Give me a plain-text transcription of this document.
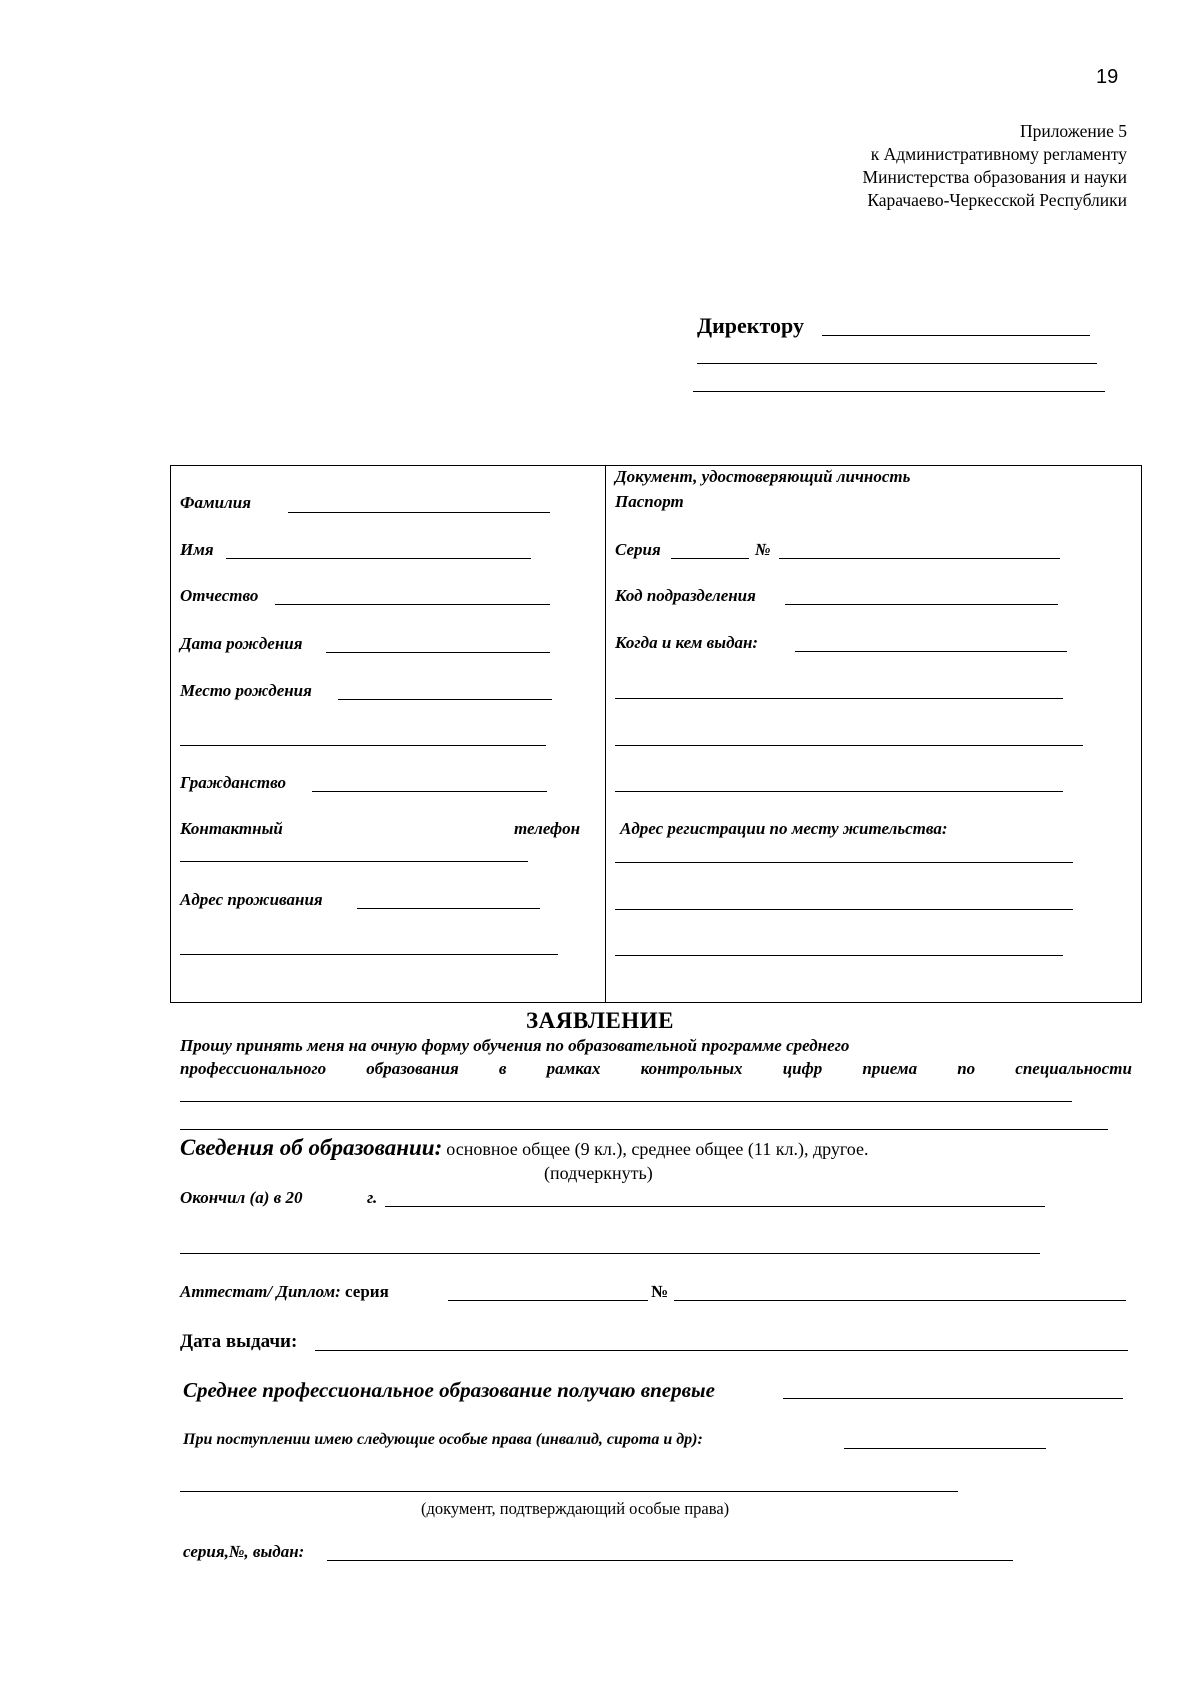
19
Приложение 5
к Административному регламенту
Министерства образования и науки
Карачаево-Черкесской Республики
Директору
Фамилия
Имя
Отчество
Дата рождения
Место рождения
Гражданство
Контактный	телефон
Адрес проживания
Документ, удостоверяющий личность
Паспорт
Серия	№
Код подразделения
Когда и кем выдан:
Адрес регистрации по месту жительства:
ЗАЯВЛЕНИЕ
Прошу принять меня на очную форму обучения по образовательной программе среднего
профессионального образования в рамках контрольных цифр приема по специальности
Сведения об образовании: основное общее (9 кл.), среднее общее (11 кл.), другое.
(подчеркнуть)
Окончил (а) в 20	г.
Аттестат/ Диплом: серия	№
Дата выдачи:
Среднее профессиональное образование получаю впервые
При поступлении имею следующие особые права (инвалид, сирота и др):
(документ, подтверждающий особые права)
серия,№, выдан:
